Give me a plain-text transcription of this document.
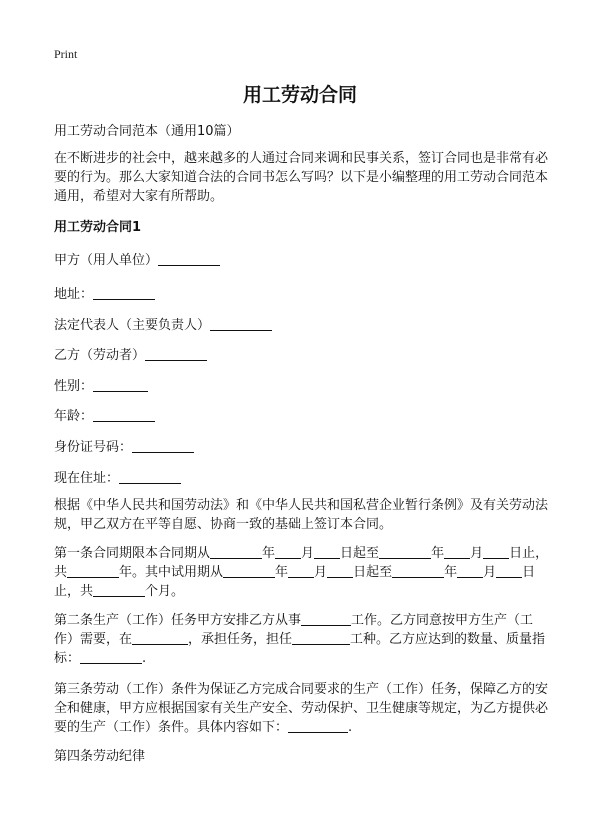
Print
用工劳动合同

用工劳动合同范本（通用10篇）

在不断进步的社会中，越来越多的人通过合同来调和民事关系，签订合同也是非常有必要的行为。那么大家知道合法的合同书怎么写吗？以下是小编整理的用工劳动合同范本通用，希望对大家有所帮助。

用工劳动合同1

甲方（用人单位）

地址：

法定代表人（主要负责人）

乙方（劳动者）

性别：

年龄：

身份证号码：

现在住址：

根据《中华人民共和国劳动法》和《中华人民共和国私营企业暂行条例》及有关劳动法规，甲乙双方在平等自愿、协商一致的基础上签订本合同。

第一条合同期限本合同期从	年 月 日起至	年 月 日止，共	年。其中试用期从	年 月 日起至	年 月 日止，共	个月。

第二条生产（工作）任务甲方安排乙方从事	工作。乙方同意按甲方生产（工作）需要，在	，承担任务，担任	工种。乙方应达到的数量、质量指标：	.

第三条劳动（工作）条件为保证乙方完成合同要求的生产（工作）任务，保障乙方的安全和健康，甲方应根据国家有关生产安全、劳动保护、卫生健康等规定，为乙方提供必要的生产（工作）条件。具体内容如下：	.

第四条劳动纪律
